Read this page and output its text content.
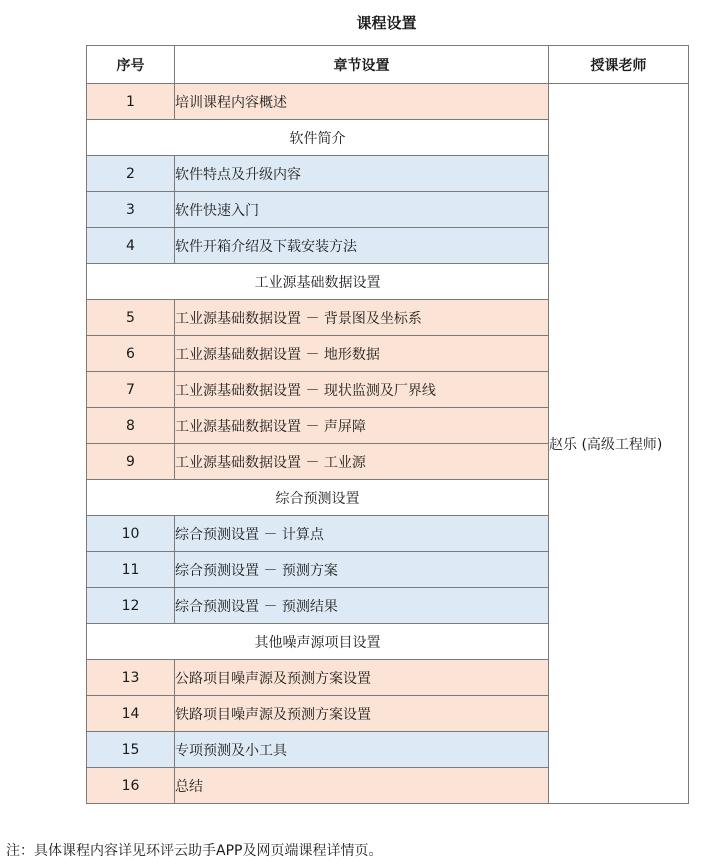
课程设置
序号	章节设置	授课老师
1	培训课程内容概述	赵乐 (高级工程师)
软件简介		
2	软件特点及升级内容	
3	软件快速入门	
4	软件开箱介绍及下载安装方法	
工业源基础数据设置		
5	工业源基础数据设置 － 背景图及坐标系	
6	工业源基础数据设置 － 地形数据	
7	工业源基础数据设置 － 现状监测及厂界线	
8	工业源基础数据设置 － 声屏障	
9	工业源基础数据设置 － 工业源	
综合预测设置		
10	综合预测设置 － 计算点	
11	综合预测设置 － 预测方案	
12	综合预测设置 － 预测结果	
其他噪声源项目设置		
13	公路项目噪声源及预测方案设置	
14	铁路项目噪声源及预测方案设置	
15	专项预测及小工具	
16	总结	
注：具体课程内容详见环评云助手APP及网页端课程详情页。
